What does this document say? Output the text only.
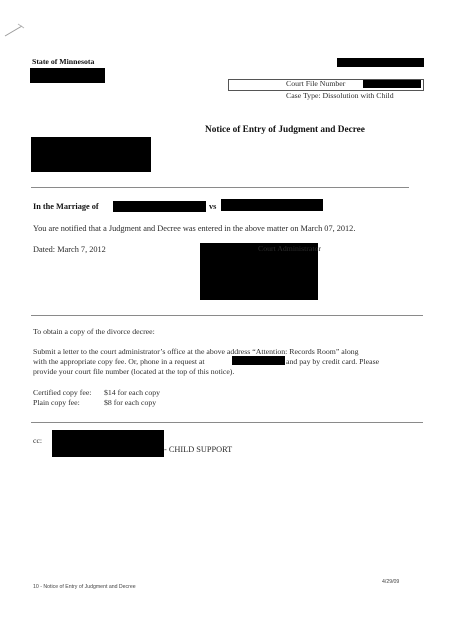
State of Minnesota
Court File Number
Case Type: Dissolution with Child
Notice of Entry of Judgment and Decree
In the Marriage of	vs
You are notified that a Judgment and Decree was entered in the above matter on March 07, 2012.
Dated: March 7, 2012	Court Administrator
To obtain a copy of the divorce decree:
Submit a letter to the court administrator’s office at the above address “Attention: Records Room” along
with the appropriate copy fee. Or, phone in a request at	and pay by credit card. Please
provide your court file number (located at the top of this notice).
Certified copy fee: $14 for each copy
Plain copy fee:	$8 for each copy
cc:
- CHILD SUPPORT
10 - Notice of Entry of Judgment and Decree
4/29/09
